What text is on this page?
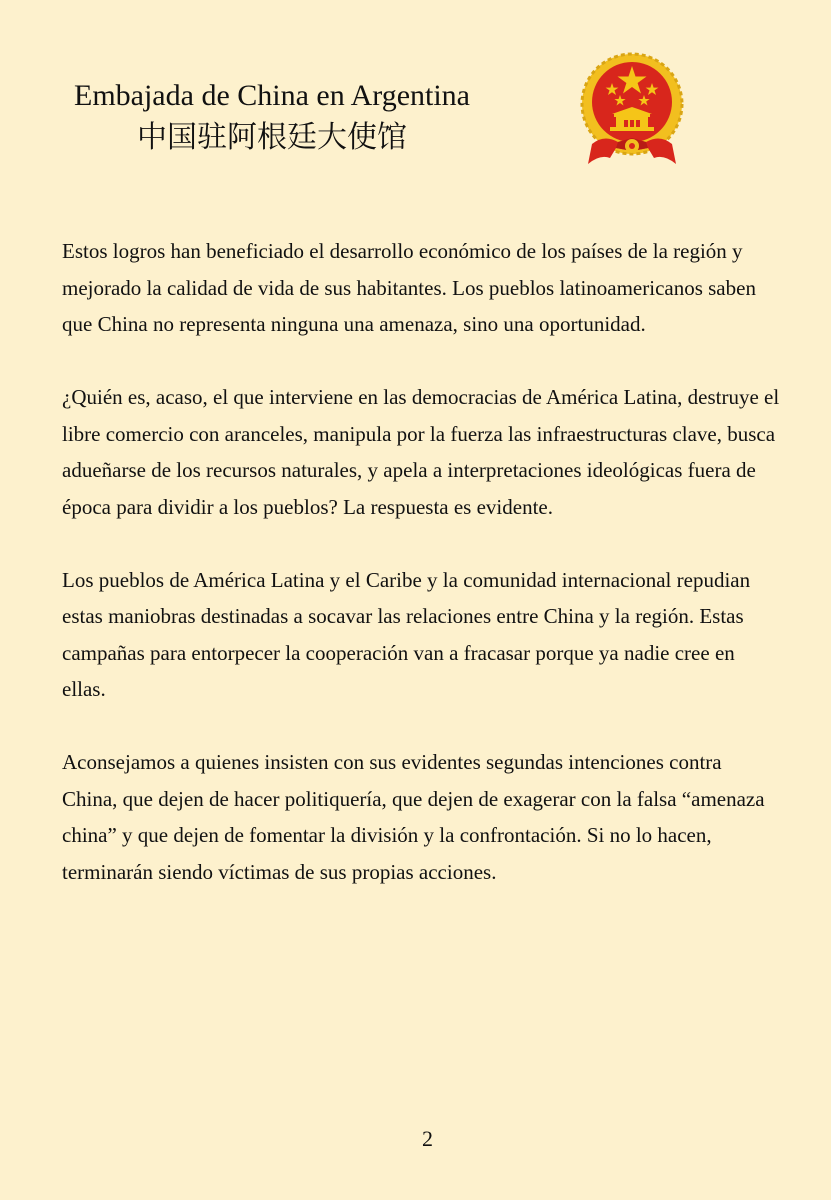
Embajada de China en Argentina
中国驻阿根廷大使馆

Estos logros han beneficiado el desarrollo económico de los países de la región y mejorado la calidad de vida de sus habitantes. Los pueblos latinoamericanos saben que China no representa ninguna una amenaza, sino una oportunidad.

¿Quién es, acaso, el que interviene en las democracias de América Latina, destruye el libre comercio con aranceles, manipula por la fuerza las infraestructuras clave, busca adueñarse de los recursos naturales, y apela a interpretaciones ideológicas fuera de época para dividir a los pueblos? La respuesta es evidente.

Los pueblos de América Latina y el Caribe y la comunidad internacional repudian estas maniobras destinadas a socavar las relaciones entre China y la región. Estas campañas para entorpecer la cooperación van a fracasar porque ya nadie cree en ellas.

Aconsejamos a quienes insisten con sus evidentes segundas intenciones contra China, que dejen de hacer politiquería, que dejen de exagerar con la falsa “amenaza china” y que dejen de fomentar la división y la confrontación. Si no lo hacen, terminarán siendo víctimas de sus propias acciones.

2
